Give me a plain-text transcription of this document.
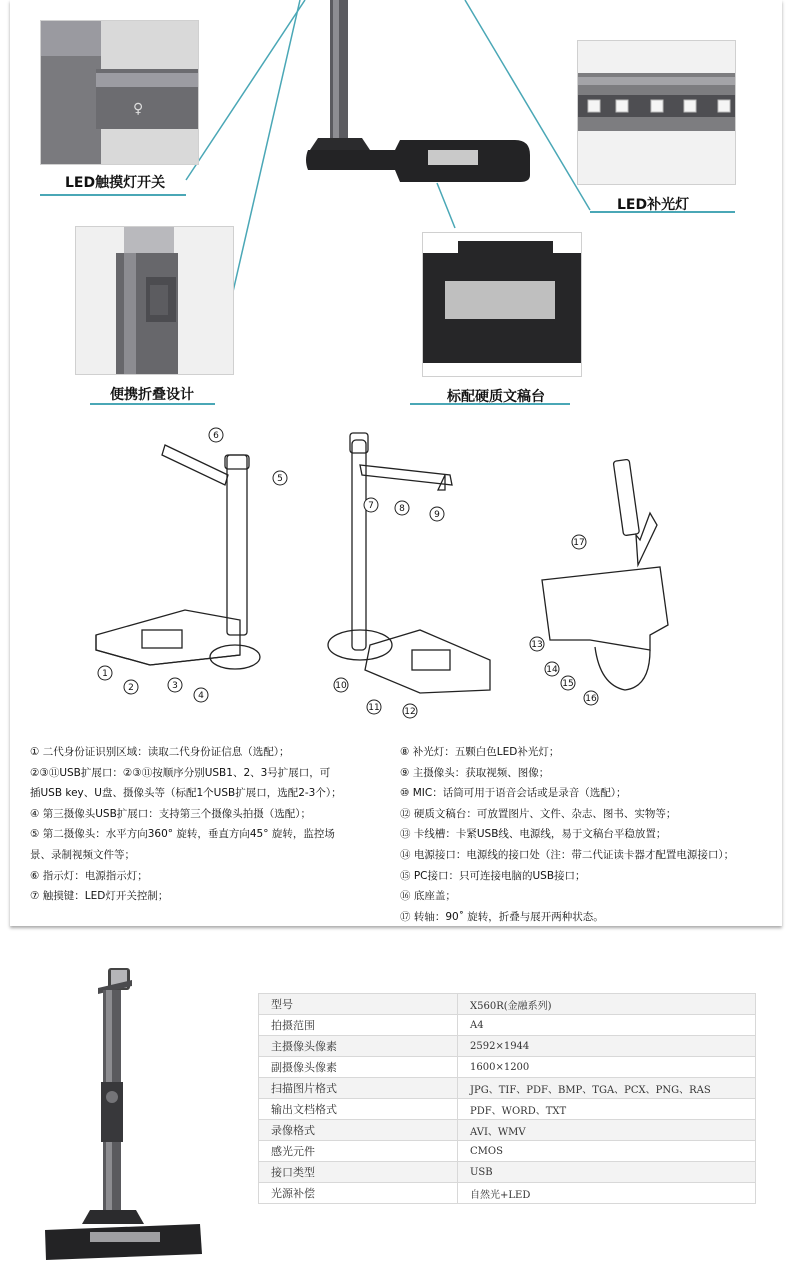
♀
LED触摸灯开关
LED补光灯
便携折叠设计	标配硬质文稿台
6
5
7	8
9
1
2	3
4
10
11	12
17
13
14
15
16
① 二代身份证识别区域：读取二代身份证信息（选配）；
②③⑪USB扩展口：②③⑪按顺序分别USB1、2、3号扩展口，可
插USB key、U盘、摄像头等（标配1个USB扩展口，选配2-3个）；
④ 第三摄像头USB扩展口：支持第三个摄像头拍摄（选配）；
⑤ 第二摄像头：水平方向360° 旋转，垂直方向45° 旋转，监控场
景、录制视频文件等；
⑥ 指示灯：电源指示灯；
⑦ 触摸键：LED灯开关控制；
⑧ 补光灯：五颗白色LED补光灯；
⑨ 主摄像头：获取视频、图像；
⑩ MIC：话筒可用于语音会话或是录音（选配）；
⑫ 硬质文稿台：可放置图片、文件、杂志、图书、实物等；
⑬ 卡线槽：卡紧USB线、电源线，易于文稿台平稳放置；
⑭ 电源接口：电源线的接口处（注：带二代证读卡器才配置电源接口）；
⑮ PC接口：只可连接电脑的USB接口；
⑯ 底座盖；
⑰ 转轴：90˚ 旋转，折叠与展开两种状态。
型号	X560R(金融系列)
拍摄范围	A4
主摄像头像素	2592×1944
副摄像头像素	1600×1200
扫描图片格式	JPG、TIF、PDF、BMP、TGA、PCX、PNG、RAS
输出文档格式	PDF、WORD、TXT
录像格式	AVI、WMV
感光元件	CMOS
接口类型	USB
光源补偿	自然光+LED
